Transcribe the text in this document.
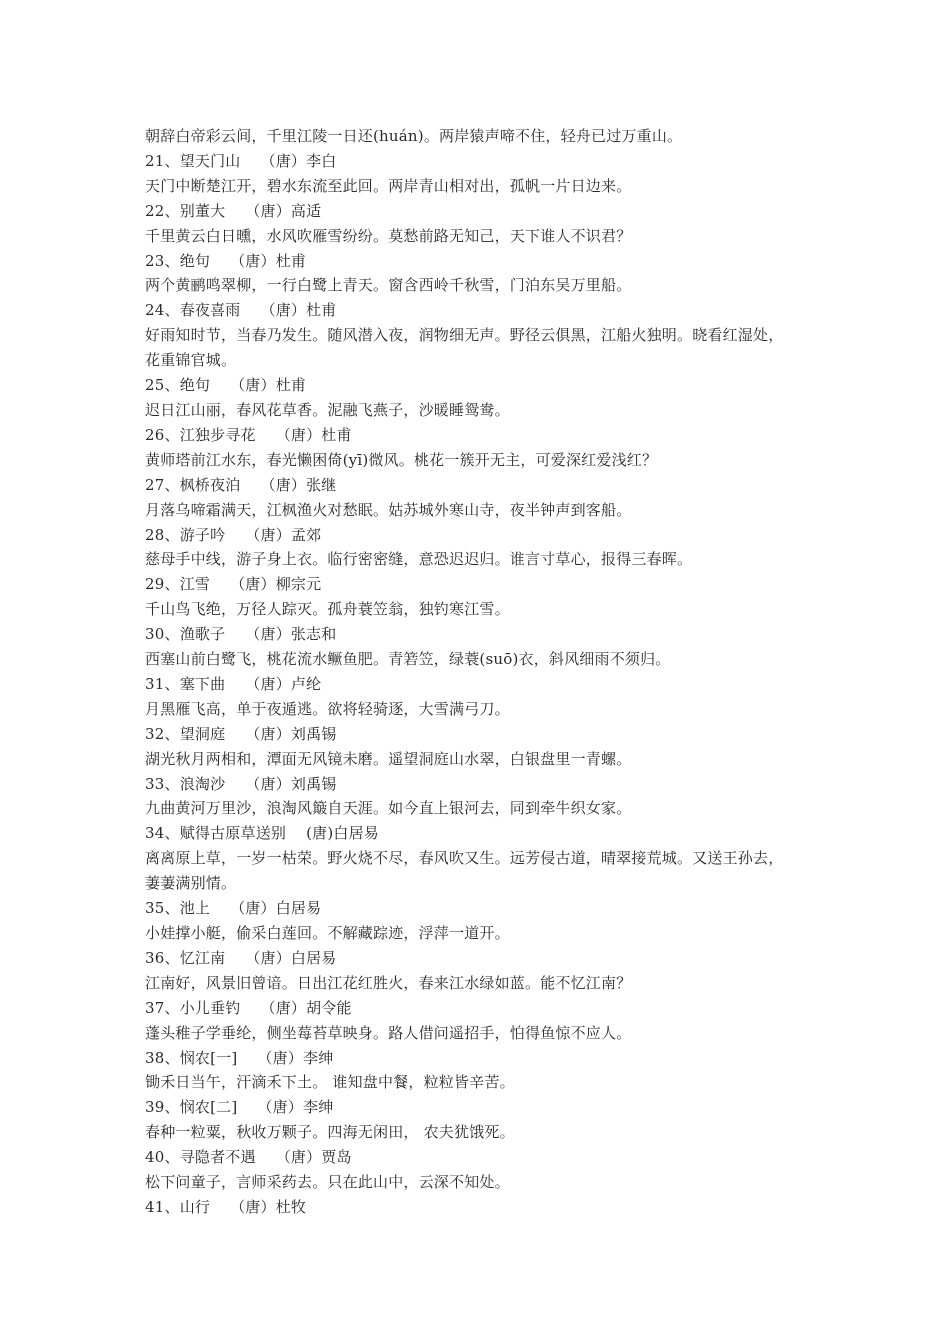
朝辞白帝彩云间，千里江陵一日还(huán)。两岸猿声啼不住，轻舟已过万重山。
21、 望天门山 （唐）李白
天门中断楚江开，碧水东流至此回。两岸青山相对出，孤帆一片日边来。
22、 别董大 （唐）高适
千里黄云白日曛，水风吹雁雪纷纷。莫愁前路无知己，天下谁人不识君？
23、 绝句 （唐）杜甫
两个黄鹂鸣翠柳，一行白鹭上青天。窗含西岭千秋雪，门泊东吴万里船。
24、 春夜喜雨 （唐）杜甫
好雨知时节，当春乃发生。随风潜入夜，润物细无声。野径云俱黑，江船火独明。晓看红湿处，
花重锦官城。
25、 绝句 （唐）杜甫
迟日江山丽，春风花草香。泥融飞燕子，沙暖睡鸳鸯。
26、 江独步寻花 （唐）杜甫
黄师塔前江水东，春光懒困倚(yī)微风。桃花一簇开无主，可爱深红爱浅红？
27、 枫桥夜泊 （唐）张继
月落乌啼霜满天，江枫渔火对愁眠。姑苏城外寒山寺，夜半钟声到客船。
28、 游子吟 （唐）孟郊
慈母手中线，游子身上衣。临行密密缝，意恐迟迟归。谁言寸草心，报得三春晖。
29、 江雪 （唐）柳宗元
千山鸟飞绝，万径人踪灭。孤舟蓑笠翁，独钓寒江雪。
30、 渔歌子 （唐）张志和
西塞山前白鹭飞，桃花流水鳜鱼肥。青箬笠，绿蓑(suō)衣，斜风细雨不须归。
31、 塞下曲 （唐）卢纶
月黑雁飞高，单于夜遁逃。欲将轻骑逐，大雪满弓刀。
32、 望洞庭 （唐）刘禹锡
湖光秋月两相和，潭面无风镜未磨。遥望洞庭山水翠，白银盘里一青螺。
33、 浪淘沙 （唐）刘禹锡
九曲黄河万里沙，浪淘风簸自天涯。如今直上银河去，同到牵牛织女家。
34、 赋得古原草送别 (唐)白居易
离离原上草，一岁一枯荣。野火烧不尽，春风吹又生。远芳侵古道，晴翠接荒城。又送王孙去，
萋萋满别情。
35、 池上 （唐）白居易
小娃撑小艇，偷采白莲回。不解藏踪迹，浮萍一道开。
36、 忆江南 （唐）白居易
江南好，风景旧曾谙。日出江花红胜火，春来江水绿如蓝。能不忆江南？
37、 小儿垂钓 （唐）胡令能
蓬头稚子学垂纶，侧坐莓苔草映身。路人借问遥招手，怕得鱼惊不应人。
38、 悯农[一] （唐）李绅
锄禾日当午，汗滴禾下土。 谁知盘中餐，粒粒皆辛苦。
39、 悯农[二] （唐）李绅
春种一粒粟，秋收万颗子。四海无闲田， 农夫犹饿死。
40、 寻隐者不遇 （唐）贾岛
松下问童子，言师采药去。只在此山中，云深不知处。
41、 山行 （唐）杜牧
